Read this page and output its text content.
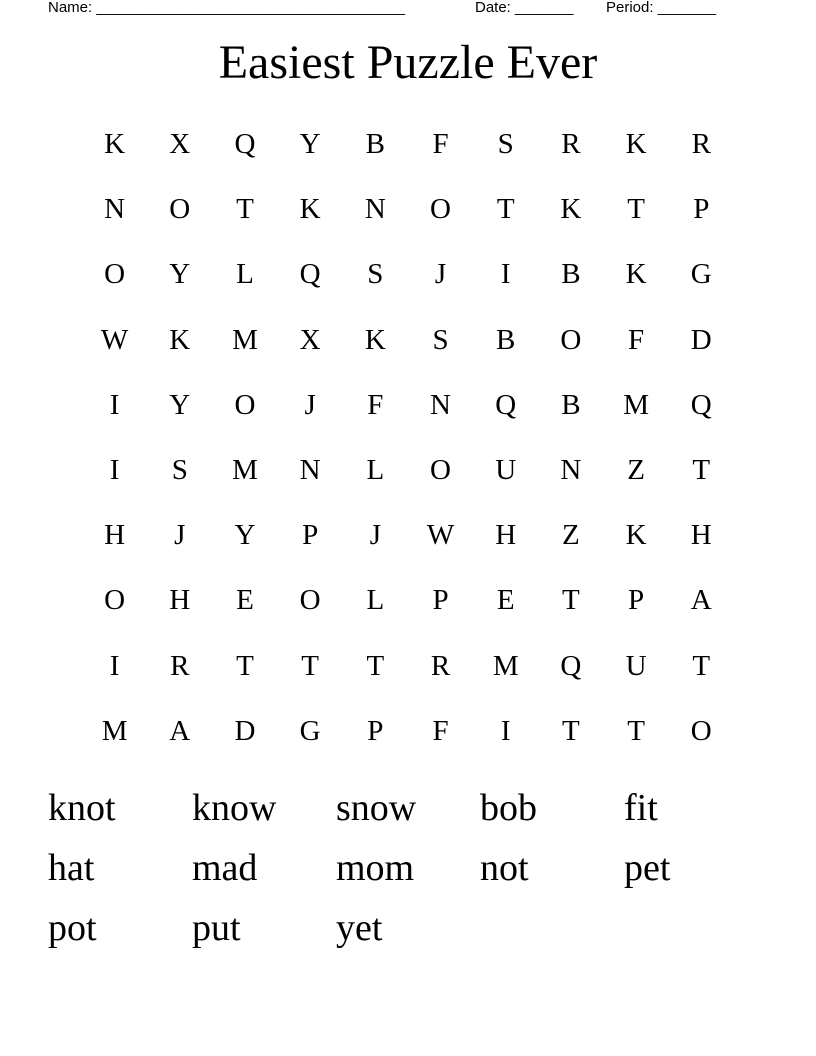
Name: _____________________________________	Date: _______ Period: _______
Easiest Puzzle Ever
K	X	Q	Y	B	F	S	R	K	R
N	O	T	K	N	O	T	K	T	P
O	Y	L	Q	S	J	I	B	K	G
W	K	M	X	K	S	B	O	F	D
I	Y	O	J	F	N	Q	B	M	Q
I	S	M	N	L	O	U	N	Z	T
H	J	Y	P	J	W	H	Z	K	H
O	H	E	O	L	P	E	T	P	A
I	R	T	T	T	R	M	Q	U	T
M	A	D	G	P	F	I	T	T	O
knot	know	snow	bob	fit
hat	mad	mom	not	pet
pot	put	yet
